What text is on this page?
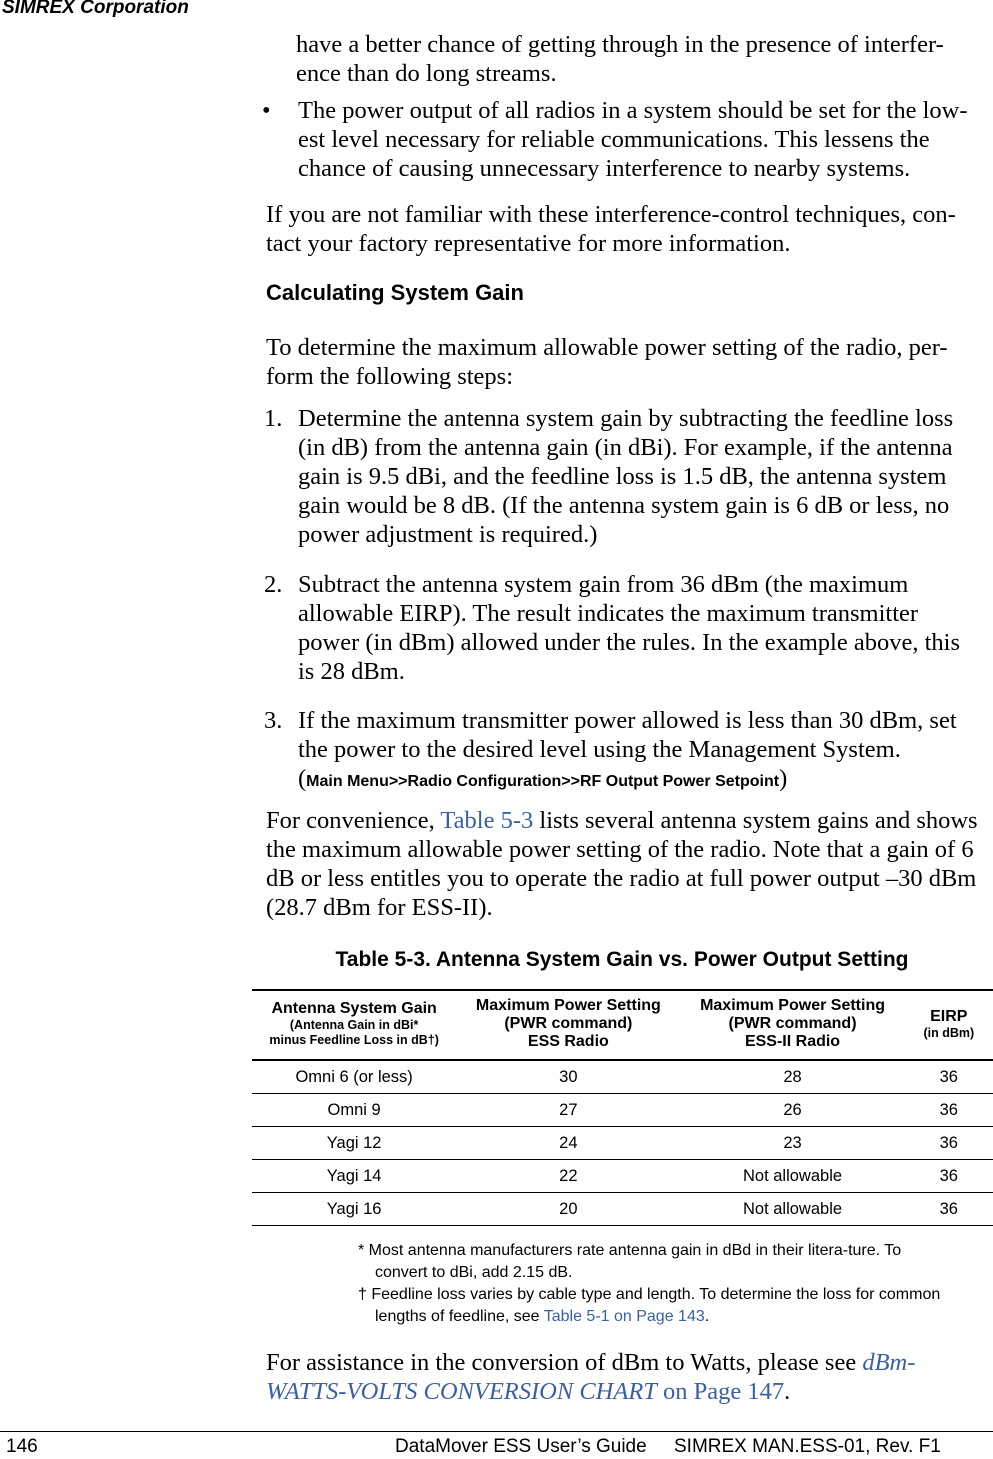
SIMREX Corporation
have a better chance of getting through in the presence of interfer-ence than do long streams.
• The power output of all radios in a system should be set for the low-est level necessary for reliable communications. This lessens the chance of causing unnecessary interference to nearby systems.
If you are not familiar with these interference-control techniques, con-tact your factory representative for more information.
Calculating System Gain
To determine the maximum allowable power setting of the radio, per-form the following steps:
1. Determine the antenna system gain by subtracting the feedline loss (in dB) from the antenna gain (in dBi). For example, if the antenna gain is 9.5 dBi, and the feedline loss is 1.5 dB, the antenna system gain would be 8 dB. (If the antenna system gain is 6 dB or less, no power adjustment is required.)
2. Subtract the antenna system gain from 36 dBm (the maximum allowable EIRP). The result indicates the maximum transmitter power (in dBm) allowed under the rules. In the example above, this is 28 dBm.
3. If the maximum transmitter power allowed is less than 30 dBm, set the power to the desired level using the Management System.
(Main Menu>>Radio Configuration>>RF Output Power Setpoint)
For convenience, Table 5-3 lists several antenna system gains and shows the maximum allowable power setting of the radio. Note that a gain of 6 dB or less entitles you to operate the radio at full power output –30 dBm (28.7 dBm for ESS-II).
Table 5-3. Antenna System Gain vs. Power Output Setting
Antenna System Gain
(Antenna Gain in dBi*
minus Feedline Loss in dB†)	Maximum Power Setting
(PWR command)
ESS Radio	Maximum Power Setting
(PWR command)
ESS-II Radio	EIRP
(in dBm)

Omni 6 (or less)	30	28	36
Omni 9	27	26	36
Yagi 12	24	23	36
Yagi 14	22	Not allowable	36
Yagi 16	20	Not allowable	36
* Most antenna manufacturers rate antenna gain in dBd in their litera-ture. To convert to dBi, add 2.15 dB.
† Feedline loss varies by cable type and length. To determine the loss for common lengths of feedline, see Table 5-1 on Page 143.
For assistance in the conversion of dBm to Watts, please see dBm-WATTS-VOLTS CONVERSION CHART on Page 147.
146	DataMover ESS User’s Guide SIMREX MAN.ESS-01, Rev. F1
